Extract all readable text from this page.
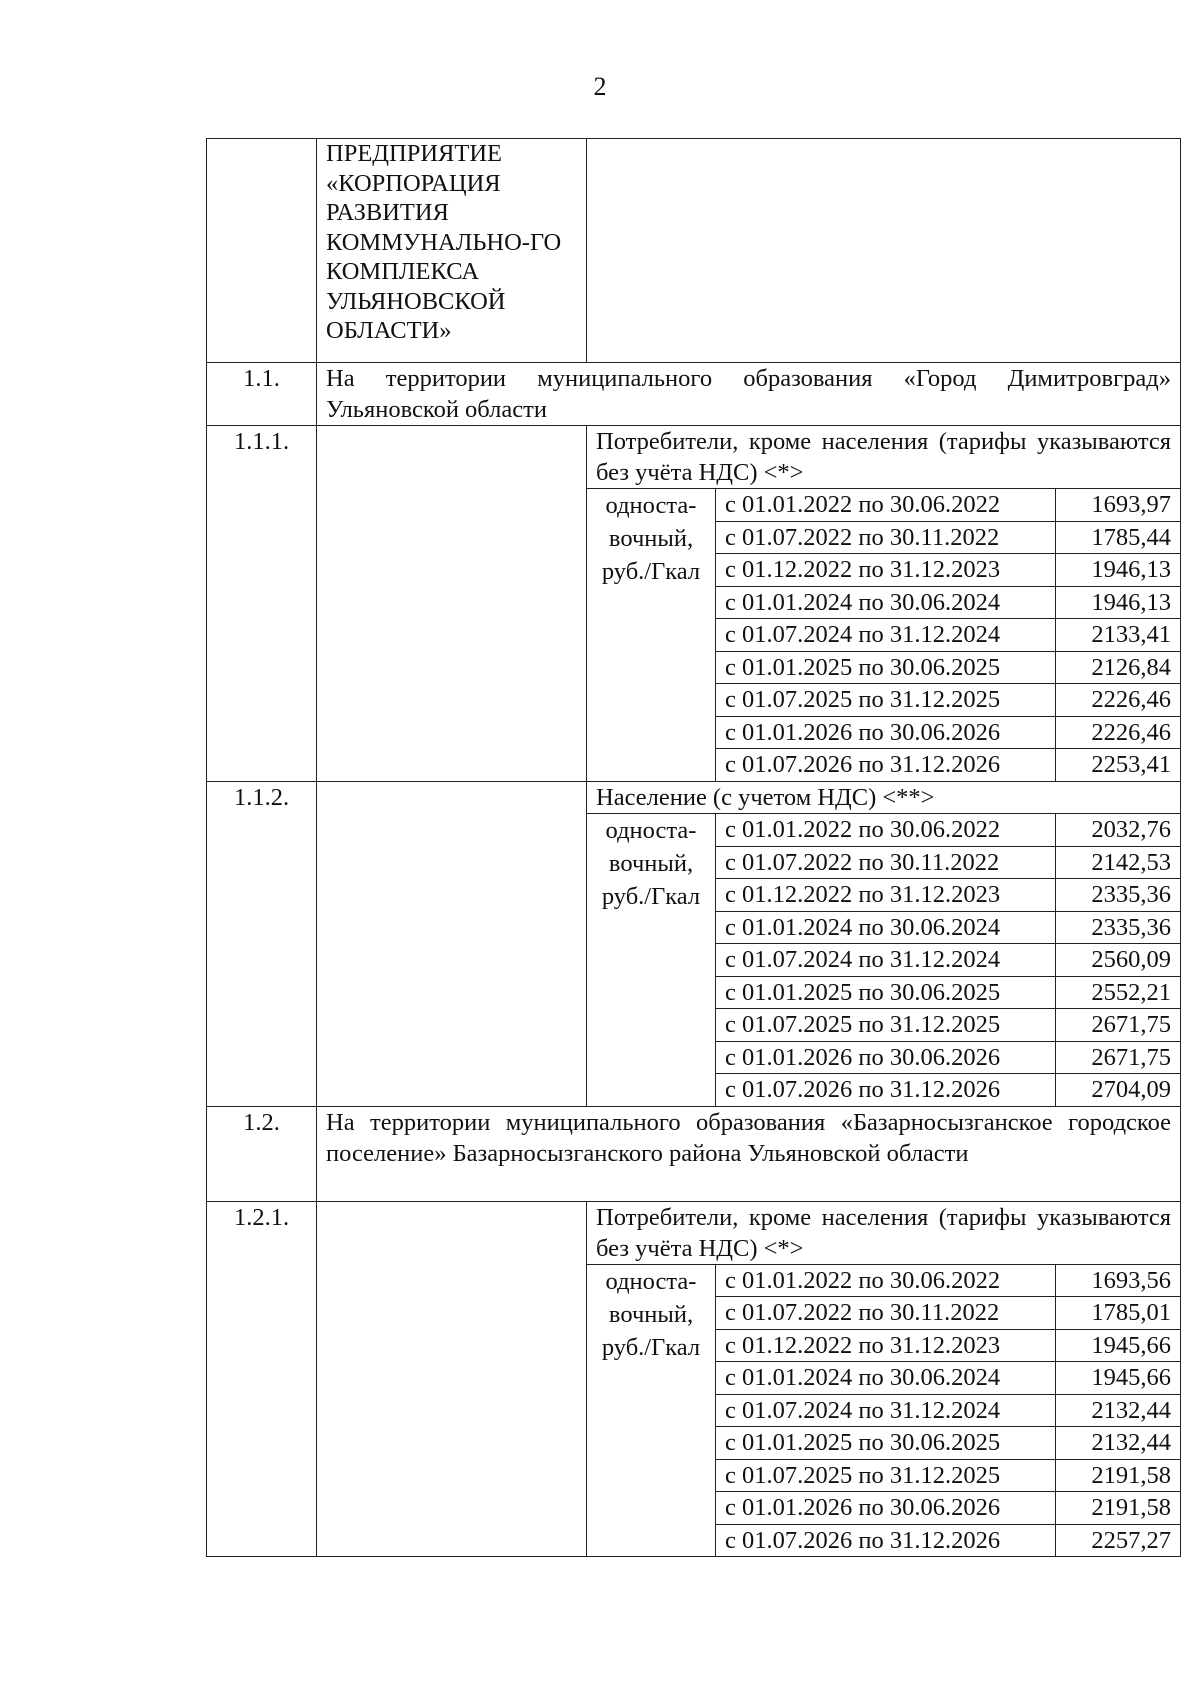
2
	ПРЕДПРИЯТИЕ «КОРПОРАЦИЯ РАЗВИТИЯ КОММУНАЛЬНО-ГО КОМПЛЕКСА УЛЬЯНОВСКОЙ ОБЛАСТИ»			
1.1.	На территории муниципального образования «Город Димитровград» Ульяновской области			
1.1.1.		Потребители, кроме населения (тарифы указываются без учёта НДС) <*>		
		односта-вочный, руб./Гкал	с 01.01.2022 по 30.06.2022	1693,97
			с 01.07.2022 по 30.11.2022	1785,44
			с 01.12.2022 по 31.12.2023	1946,13
			с 01.01.2024 по 30.06.2024	1946,13
			с 01.07.2024 по 31.12.2024	2133,41
			с 01.01.2025 по 30.06.2025	2126,84
			с 01.07.2025 по 31.12.2025	2226,46
			с 01.01.2026 по 30.06.2026	2226,46
			с 01.07.2026 по 31.12.2026	2253,41
1.1.2.		Население (с учетом НДС) <**>		
		односта-вочный, руб./Гкал	с 01.01.2022 по 30.06.2022	2032,76
			с 01.07.2022 по 30.11.2022	2142,53
			с 01.12.2022 по 31.12.2023	2335,36
			с 01.01.2024 по 30.06.2024	2335,36
			с 01.07.2024 по 31.12.2024	2560,09
			с 01.01.2025 по 30.06.2025	2552,21
			с 01.07.2025 по 31.12.2025	2671,75
			с 01.01.2026 по 30.06.2026	2671,75
			с 01.07.2026 по 31.12.2026	2704,09
1.2.	На территории муниципального образования «Базарносызганское городское поселение» Базарносызганского района Ульяновской области			
1.2.1.		Потребители, кроме населения (тарифы указываются без учёта НДС) <*>		
		односта-вочный, руб./Гкал	с 01.01.2022 по 30.06.2022	1693,56
			с 01.07.2022 по 30.11.2022	1785,01
			с 01.12.2022 по 31.12.2023	1945,66
			с 01.01.2024 по 30.06.2024	1945,66
			с 01.07.2024 по 31.12.2024	2132,44
			с 01.01.2025 по 30.06.2025	2132,44
			с 01.07.2025 по 31.12.2025	2191,58
			с 01.01.2026 по 30.06.2026	2191,58
			с 01.07.2026 по 31.12.2026	2257,27
